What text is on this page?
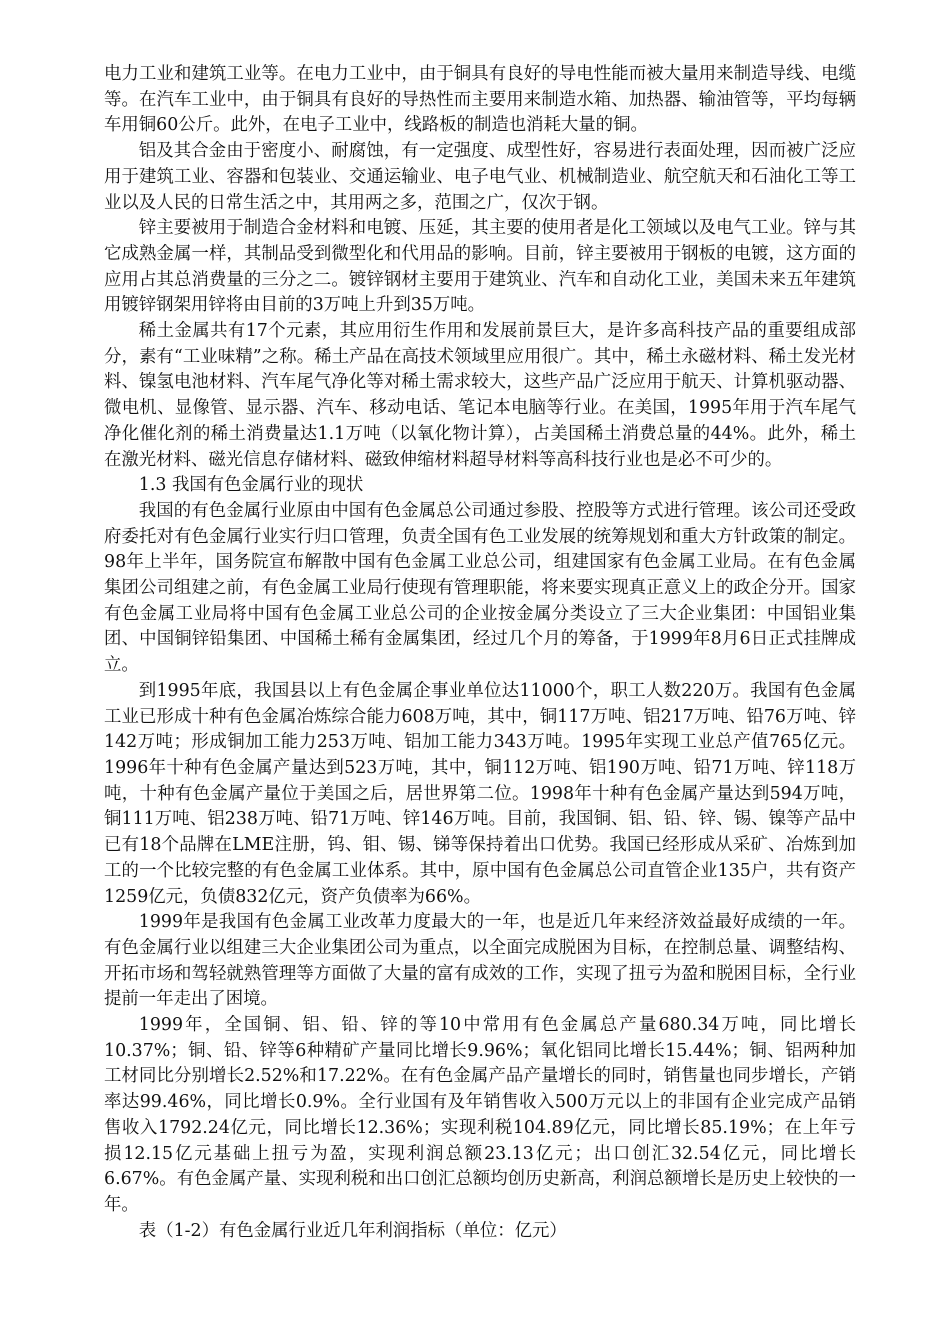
电力工业和建筑工业等。在电力工业中，由于铜具有良好的导电性能而被大量用来制造导线、电缆等。在汽车工业中，由于铜具有良好的导热性而主要用来制造水箱、加热器、输油管等，平均每辆车用铜60公斤。此外，在电子工业中，线路板的制造也消耗大量的铜。

铝及其合金由于密度小、耐腐蚀，有一定强度、成型性好，容易进行表面处理，因而被广泛应用于建筑工业、容器和包装业、交通运输业、电子电气业、机械制造业、航空航天和石油化工等工业以及人民的日常生活之中，其用两之多，范围之广，仅次于钢。

锌主要被用于制造合金材料和电镀、压延，其主要的使用者是化工领域以及电气工业。锌与其它成熟金属一样，其制品受到微型化和代用品的影响。目前，锌主要被用于钢板的电镀，这方面的应用占其总消费量的三分之二。镀锌钢材主要用于建筑业、汽车和自动化工业，美国未来五年建筑用镀锌钢架用锌将由目前的3万吨上升到35万吨。

稀土金属共有17个元素，其应用衍生作用和发展前景巨大，是许多高科技产品的重要组成部分，素有“工业味精”之称。稀土产品在高技术领域里应用很广。其中，稀土永磁材料、稀土发光材料、镍氢电池材料、汽车尾气净化等对稀土需求较大，这些产品广泛应用于航天、计算机驱动器、微电机、显像管、显示器、汽车、移动电话、笔记本电脑等行业。在美国，1995年用于汽车尾气净化催化剂的稀土消费量达1.1万吨（以氧化物计算），占美国稀土消费总量的44%。此外，稀土在激光材料、磁光信息存储材料、磁致伸缩材料超导材料等高科技行业也是必不可少的。

1.3 我国有色金属行业的现状

我国的有色金属行业原由中国有色金属总公司通过参股、控股等方式进行管理。该公司还受政府委托对有色金属行业实行归口管理，负责全国有色工业发展的统筹规划和重大方针政策的制定。98年上半年，国务院宣布解散中国有色金属工业总公司，组建国家有色金属工业局。在有色金属集团公司组建之前，有色金属工业局行使现有管理职能，将来要实现真正意义上的政企分开。国家有色金属工业局将中国有色金属工业总公司的企业按金属分类设立了三大企业集团：中国铝业集团、中国铜锌铅集团、中国稀土稀有金属集团，经过几个月的筹备，于1999年8月6日正式挂牌成立。

到1995年底，我国县以上有色金属企事业单位达11000个，职工人数220万。我国有色金属工业已形成十种有色金属冶炼综合能力608万吨，其中，铜117万吨、铝217万吨、铅76万吨、锌142万吨；形成铜加工能力253万吨、铝加工能力343万吨。1995年实现工业总产值765亿元。1996年十种有色金属产量达到523万吨，其中，铜112万吨、铝190万吨、铅71万吨、锌118万吨，十种有色金属产量位于美国之后，居世界第二位。1998年十种有色金属产量达到594万吨，铜111万吨、铝238万吨、铅71万吨、锌146万吨。目前，我国铜、铝、铅、锌、锡、镍等产品中已有18个品牌在LME注册，钨、钼、锡、锑等保持着出口优势。我国已经形成从采矿、冶炼到加工的一个比较完整的有色金属工业体系。其中，原中国有色金属总公司直管企业135户，共有资产1259亿元，负债832亿元，资产负债率为66%。

1999年是我国有色金属工业改革力度最大的一年，也是近几年来经济效益最好成绩的一年。有色金属行业以组建三大企业集团公司为重点，以全面完成脱困为目标，在控制总量、调整结构、开拓市场和驾轻就熟管理等方面做了大量的富有成效的工作，实现了扭亏为盈和脱困目标，全行业提前一年走出了困境。

1999年，全国铜、铝、铅、锌的等10中常用有色金属总产量680.34万吨，同比增长10.37%；铜、铅、锌等6种精矿产量同比增长9.96%；氧化铝同比增长15.44%；铜、铝两种加工材同比分别增长2.52%和17.22%。在有色金属产品产量增长的同时，销售量也同步增长，产销率达99.46%，同比增长0.9%。全行业国有及年销售收入500万元以上的非国有企业完成产品销售收入1792.24亿元，同比增长12.36%；实现利税104.89亿元，同比增长85.19%；在上年亏损12.15亿元基础上扭亏为盈，实现利润总额23.13亿元；出口创汇32.54亿元，同比增长6.67%。有色金属产量、实现利税和出口创汇总额均创历史新高，利润总额增长是历史上较快的一年。

表（1-2）有色金属行业近几年利润指标（单位：亿元）
